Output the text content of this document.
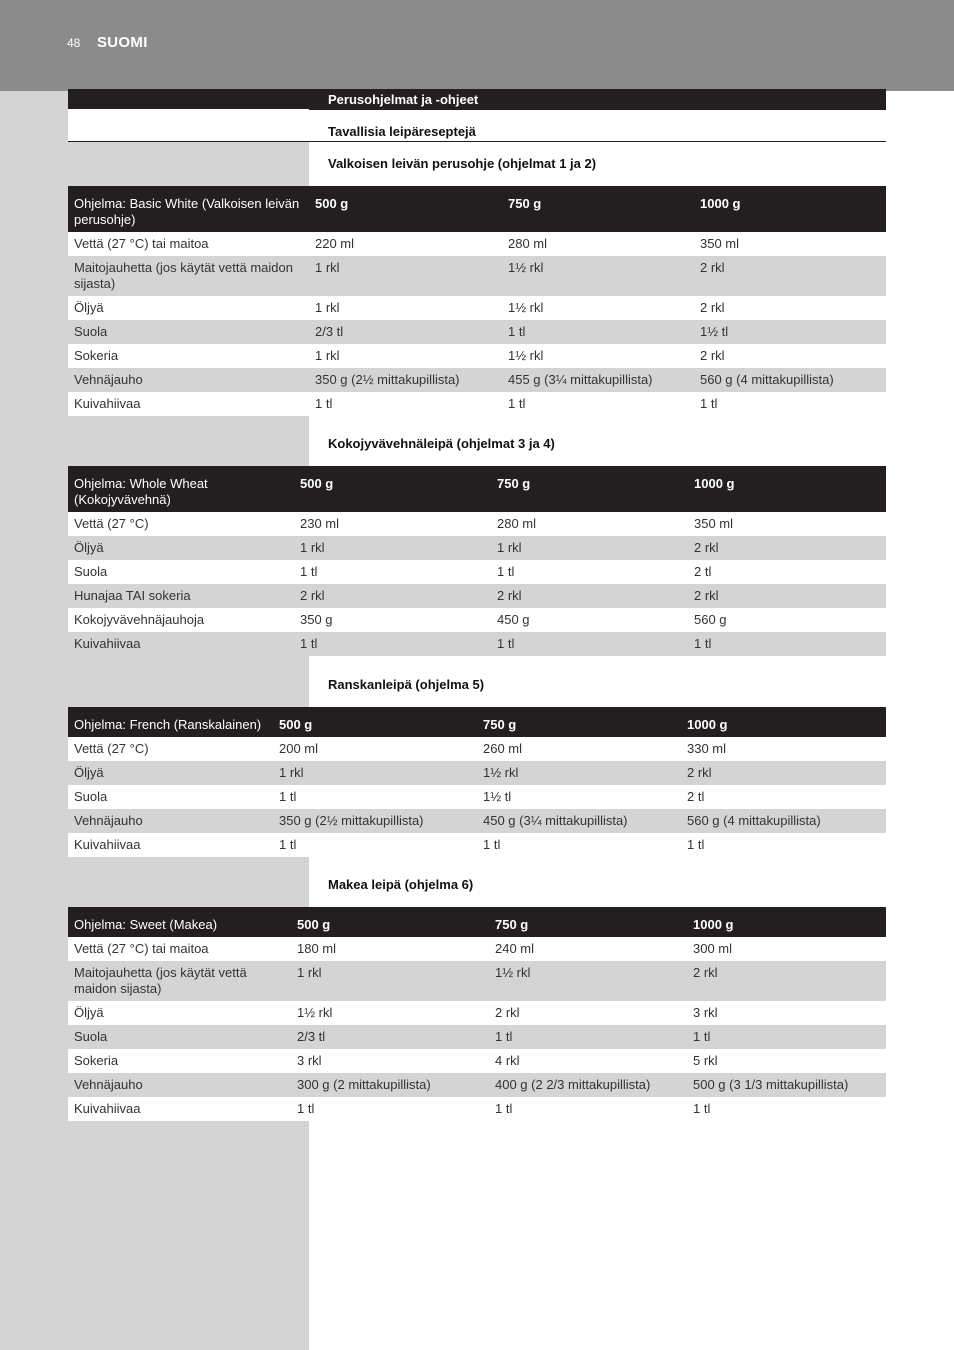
48 SUOMI
Perusohjelmat ja -ohjeet
Tavallisia leipäreseptejä
Valkoisen leivän perusohje (ohjelmat 1 ja 2)
Ohjelma: Basic White (Valkoisen leivän perusohje)	500 g	750 g	1000 g
Vettä (27 °C) tai maitoa	220 ml	280 ml	350 ml
Maitojauhetta (jos käytät vettä maidon sijasta)	1 rkl	1½ rkl	2 rkl
Öljyä	1 rkl	1½ rkl	2 rkl
Suola	2/3 tl	1 tl	1½ tl
Sokeria	1 rkl	1½ rkl	2 rkl
Vehnäjauho	350 g (2½ mittakupillista)	455 g (3¼ mittakupillista)	560 g (4 mittakupillista)
Kuivahiivaa	1 tl	1 tl	1 tl
Kokojyvävehnäleipä (ohjelmat 3 ja 4)
Ohjelma: Whole Wheat (Kokojyvävehnä)	500 g	750 g	1000 g
Vettä (27 °C)	230 ml	280 ml	350 ml
Öljyä	1 rkl	1 rkl	2 rkl
Suola	1 tl	1 tl	2 tl
Hunajaa TAI sokeria	2 rkl	2 rkl	2 rkl
Kokojyvävehnäjauhoja	350 g	450 g	560 g
Kuivahiivaa	1 tl	1 tl	1 tl
Ranskanleipä (ohjelma 5)
Ohjelma: French (Ranskalainen)	500 g	750 g	1000 g
Vettä (27 °C)	200 ml	260 ml	330 ml
Öljyä	1 rkl	1½ rkl	2 rkl
Suola	1 tl	1½ tl	2 tl
Vehnäjauho	350 g (2½ mittakupillista)	450 g (3¼ mittakupillista)	560 g (4 mittakupillista)
Kuivahiivaa	1 tl	1 tl	1 tl
Makea leipä (ohjelma 6)
Ohjelma: Sweet (Makea)	500 g	750 g	1000 g
Vettä (27 °C) tai maitoa	180 ml	240 ml	300 ml
Maitojauhetta (jos käytät vettä maidon sijasta)	1 rkl	1½ rkl	2 rkl
Öljyä	1½ rkl	2 rkl	3 rkl
Suola	2/3 tl	1 tl	1 tl
Sokeria	3 rkl	4 rkl	5 rkl
Vehnäjauho	300 g (2 mittakupillista)	400 g (2 2/3 mittakupillista)	500 g (3 1/3 mittakupillista)
Kuivahiivaa	1 tl	1 tl	1 tl
